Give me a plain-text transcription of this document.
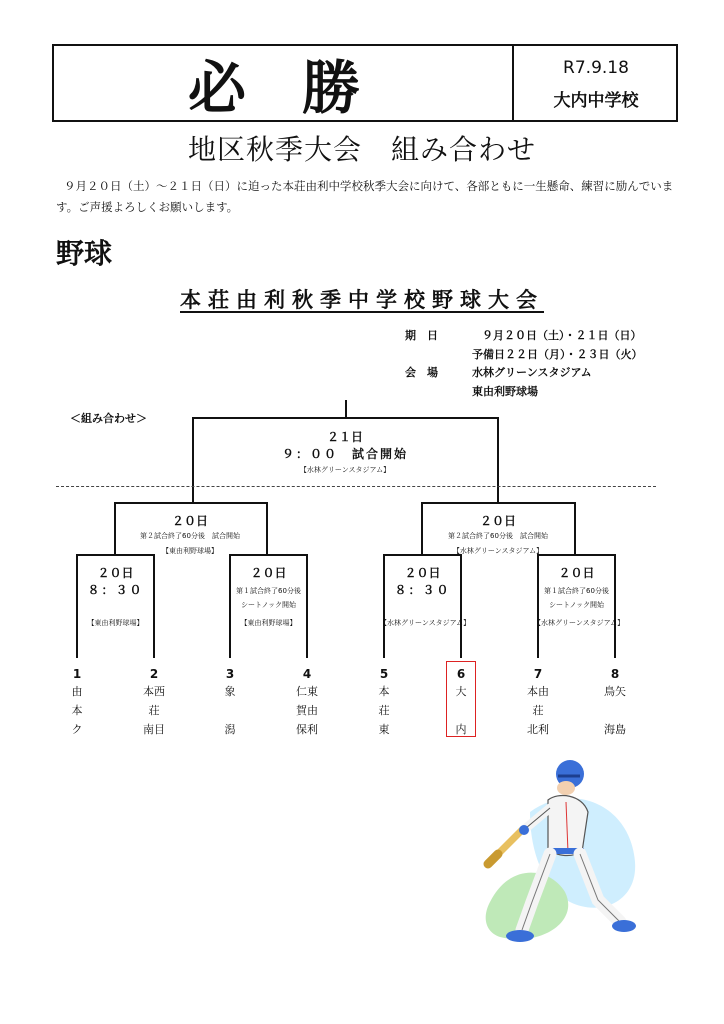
必勝	R7.9.18
大内中学校
地区秋季大会　組み合わせ
９月２０日（土）～２１日（日）に迫った本荘由利中学校秋季大会に向けて、各部ともに一生懸命、練習に励んでいます。ご声援よろしくお願いします。
野球
本荘由利秋季中学校野球大会
期　日	９月２０日（土）・２１日（日）
予備日２２日（月）・２３日（火）
会　場	水林グリーンスタジアム
東由利野球場
＜組み合わせ＞
２１日
９：００　試合開始
【水林グリーンスタジアム】
２０日
第２試合終了60分後　試合開始
【東由利野球場】
２０日
第２試合終了60分後　試合開始
【水林グリーンスタジアム】
２０日
８：３０
【東由利野球場】
２０日
第１試合終了60分後
シートノック開始
【東由利野球場】
２０日
８：３０
【水林グリーンスタジアム】
２０日
第１試合終了60分後
シートノック開始
【水林グリーンスタジアム】
1
由
本
ク
2
本西
荘
南目
3
象

潟
4
仁東
賀由
保利
5
本
荘
東
6
大

内
7
本由
荘
北利
8
鳥矢

海島
